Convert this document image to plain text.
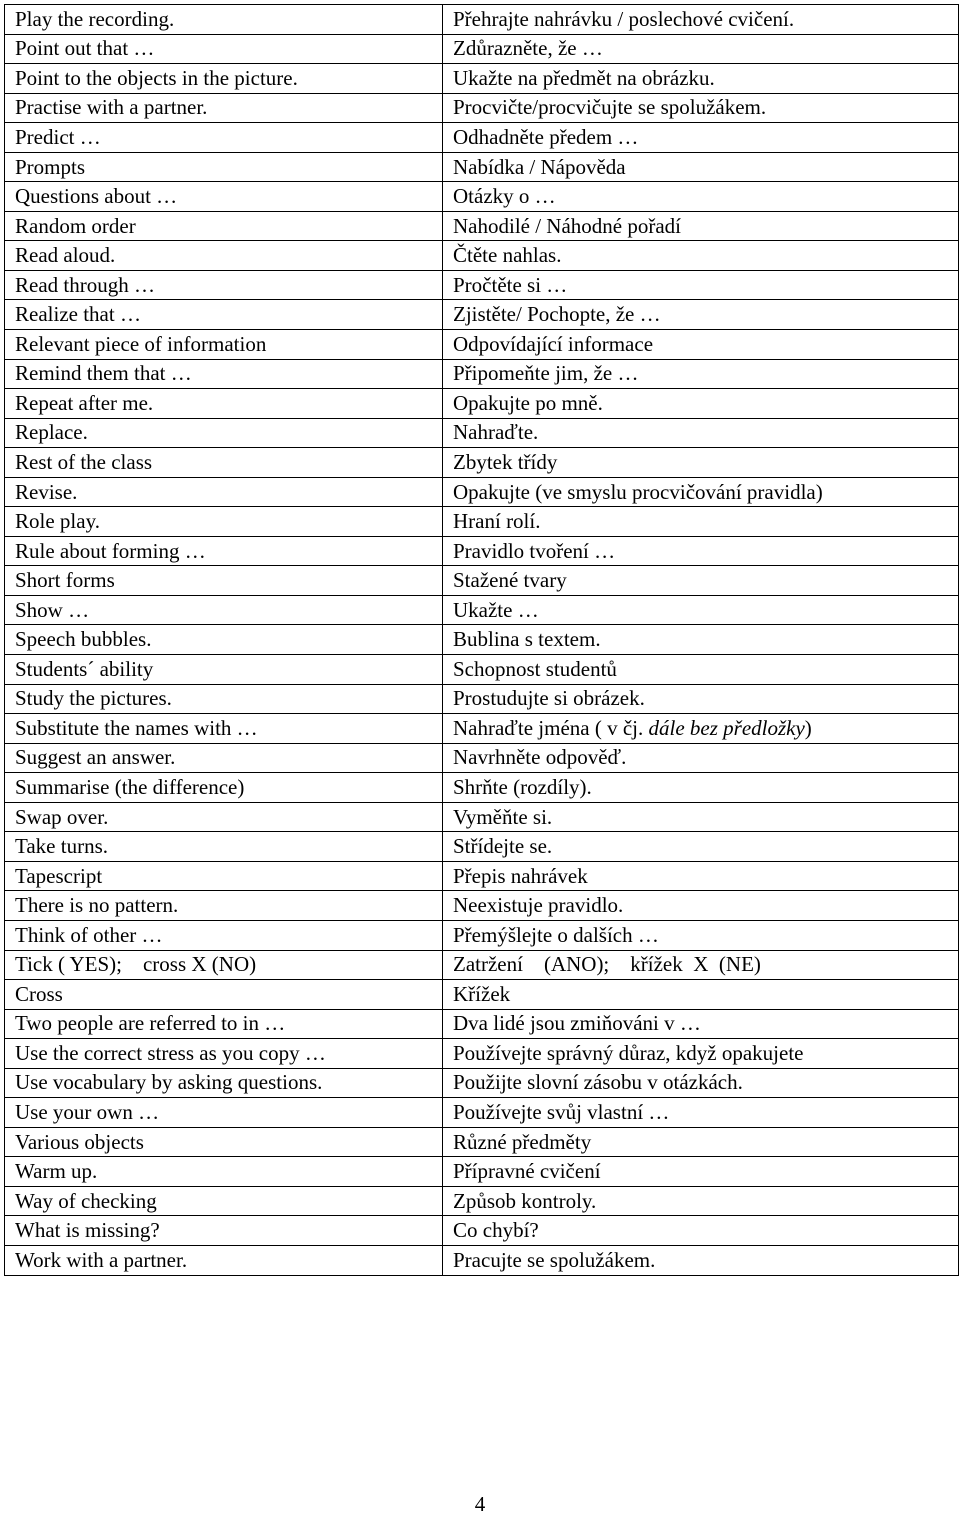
Play the recording.	Přehrajte nahrávku / poslechové cvičení.
Point out that …	Zdůrazněte, že …
Point to the objects in the picture.	Ukažte na předmět na obrázku.
Practise with a partner.	Procvičte/procvičujte se spolužákem.
Predict …	Odhadněte předem …
Prompts	Nabídka / Nápověda
Questions about …	Otázky o …
Random order	Nahodilé / Náhodné pořadí
Read aloud.	Čtěte nahlas.
Read through …	Pročtěte si …
Realize that …	Zjistěte/ Pochopte, že …
Relevant piece of information	Odpovídající informace
Remind them that …	Připomeňte jim, že …
Repeat after me.	Opakujte po mně.
Replace.	Nahraďte.
Rest of the class	Zbytek třídy
Revise.	Opakujte (ve smyslu procvičování pravidla)
Role play.	Hraní rolí.
Rule about forming …	Pravidlo tvoření …
Short forms	Stažené tvary
Show …	Ukažte …
Speech bubbles.	Bublina s textem.
Students´ ability	Schopnost studentů
Study the pictures.	Prostudujte si obrázek.
Substitute the names with …	Nahraďte jména ( v čj. dále bez předložky)
Suggest an answer.	Navrhněte odpověď.
Summarise (the difference)	Shrňte (rozdíly).
Swap over.	Vyměňte si.
Take turns.	Střídejte se.
Tapescript	Přepis nahrávek
There is no pattern.	Neexistuje pravidlo.
Think of other …	Přemýšlejte o dalších …
Tick ( YES);    cross X (NO)	Zatržení    (ANO);    křížek  X  (NE)
Cross	Křížek
Two people are referred to in …	Dva lidé jsou zmiňováni v …
Use the correct stress as you copy …	Používejte správný důraz, když opakujete
Use vocabulary by asking questions.	Použijte slovní zásobu v otázkách.
Use your own …	Používejte svůj vlastní …
Various objects	Různé předměty
Warm up.	Přípravné cvičení
Way of checking	Způsob kontroly.
What is missing?	Co chybí?
Work with a partner.	Pracujte se spolužákem.
4
